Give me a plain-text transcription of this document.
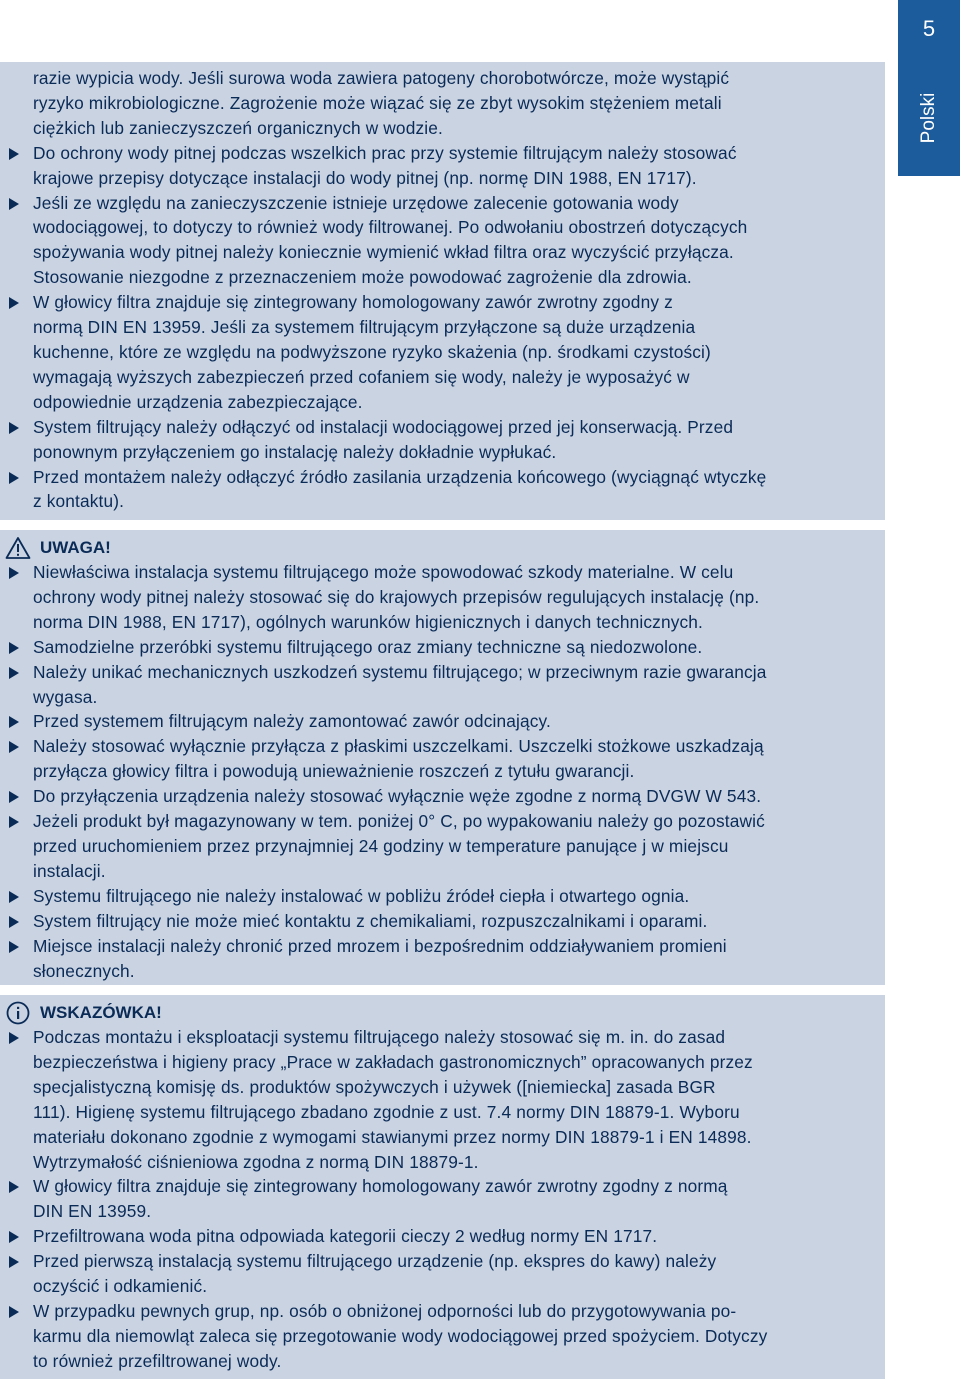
5
Polski

razie wypicia wody. Jeśli surowa woda zawiera patogeny chorobotwórcze, może wystąpić

ryzyko mikrobiologiczne. Zagrożenie może wiązać się ze zbyt wysokim stężeniem metali

ciężkich lub zanieczyszczeń organicznych w wodzie.

Do ochrony wody pitnej podczas wszelkich prac przy systemie filtrującym należy stosować

krajowe przepisy dotyczące instalacji do wody pitnej (np. normę DIN 1988, EN 1717).

Jeśli ze względu na zanieczyszczenie istnieje urzędowe zalecenie gotowania wody

wodociągowej, to dotyczy to również wody filtrowanej. Po odwołaniu obostrzeń dotyczących

spożywania wody pitnej należy koniecznie wymienić wkład filtra oraz wyczyścić przyłącza.

Stosowanie niezgodne z przeznaczeniem może powodować zagrożenie dla zdrowia.

W głowicy filtra znajduje się zintegrowany homologowany zawór zwrotny zgodny z

normą DIN EN 13959. Jeśli za systemem filtrującym przyłączone są duże urządzenia

kuchenne, które ze względu na podwyższone ryzyko skażenia (np. środkami czystości)

wymagają wyższych zabezpieczeń przed cofaniem się wody, należy je wyposażyć w

odpowiednie urządzenia zabezpieczające.

System filtrujący należy odłączyć od instalacji wodociągowej przed jej konserwacją. Przed

ponownym przyłączeniem go instalację należy dokładnie wypłukać.

Przed montażem należy odłączyć źródło zasilania urządzenia końcowego (wyciągnąć wtyczkę

z kontaktu).

UWAGA!

Niewłaściwa instalacja systemu filtrującego może spowodować szkody materialne. W celu

ochrony wody pitnej należy stosować się do krajowych przepisów regulujących instalację (np.

norma DIN 1988, EN 1717), ogólnych warunków higienicznych i danych technicznych.

Samodzielne przeróbki systemu filtrującego oraz zmiany techniczne są niedozwolone.

Należy unikać mechanicznych uszkodzeń systemu filtrującego; w przeciwnym razie gwarancja

wygasa.

Przed systemem filtrującym należy zamontować zawór odcinający.

Należy stosować wyłącznie przyłącza z płaskimi uszczelkami. Uszczelki stożkowe uszkadzają

przyłącza głowicy filtra i powodują unieważnienie roszczeń z tytułu gwarancji.

Do przyłączenia urządzenia należy stosować wyłącznie węże zgodne z normą DVGW W 543.

Jeżeli produkt był magazynowany w tem. poniżej 0° C, po wypakowaniu należy go pozostawić

przed uruchomieniem przez przynajmniej 24 godziny w temperature panujące j w miejscu

instalacji.

Systemu filtrującego nie należy instalować w pobliżu źródeł ciepła i otwartego ognia.

System filtrujący nie może mieć kontaktu z chemikaliami, rozpuszczalnikami i oparami.

Miejsce instalacji należy chronić przed mrozem i bezpośrednim oddziaływaniem promieni

słonecznych.

WSKAZÓWKA!

Podczas montażu i eksploatacji systemu filtrującego należy stosować się m. in. do zasad

bezpieczeństwa i higieny pracy „Prace w zakładach gastronomicznych” opracowanych przez

specjalistyczną komisję ds. produktów spożywczych i używek ([niemiecka] zasada BGR

111). Higienę systemu filtrującego zbadano zgodnie z ust. 7.4 normy DIN 18879-1. Wyboru

materiału dokonano zgodnie z wymogami stawianymi przez normy DIN 18879-1 i EN 14898.

Wytrzymałość ciśnieniowa zgodna z normą DIN 18879-1.

W głowicy filtra znajduje się zintegrowany homologowany zawór zwrotny zgodny z normą

DIN EN 13959.

Przefiltrowana woda pitna odpowiada kategorii cieczy 2 według normy EN 1717.

Przed pierwszą instalacją systemu filtrującego urządzenie (np. ekspres do kawy) należy

oczyścić i odkamienić.

W przypadku pewnych grup, np. osób o obniżonej odporności lub do przygotowywania po-

karmu dla niemowląt zaleca się przegotowanie wody wodociągowej przed spożyciem. Dotyczy

to również przefiltrowanej wody.
